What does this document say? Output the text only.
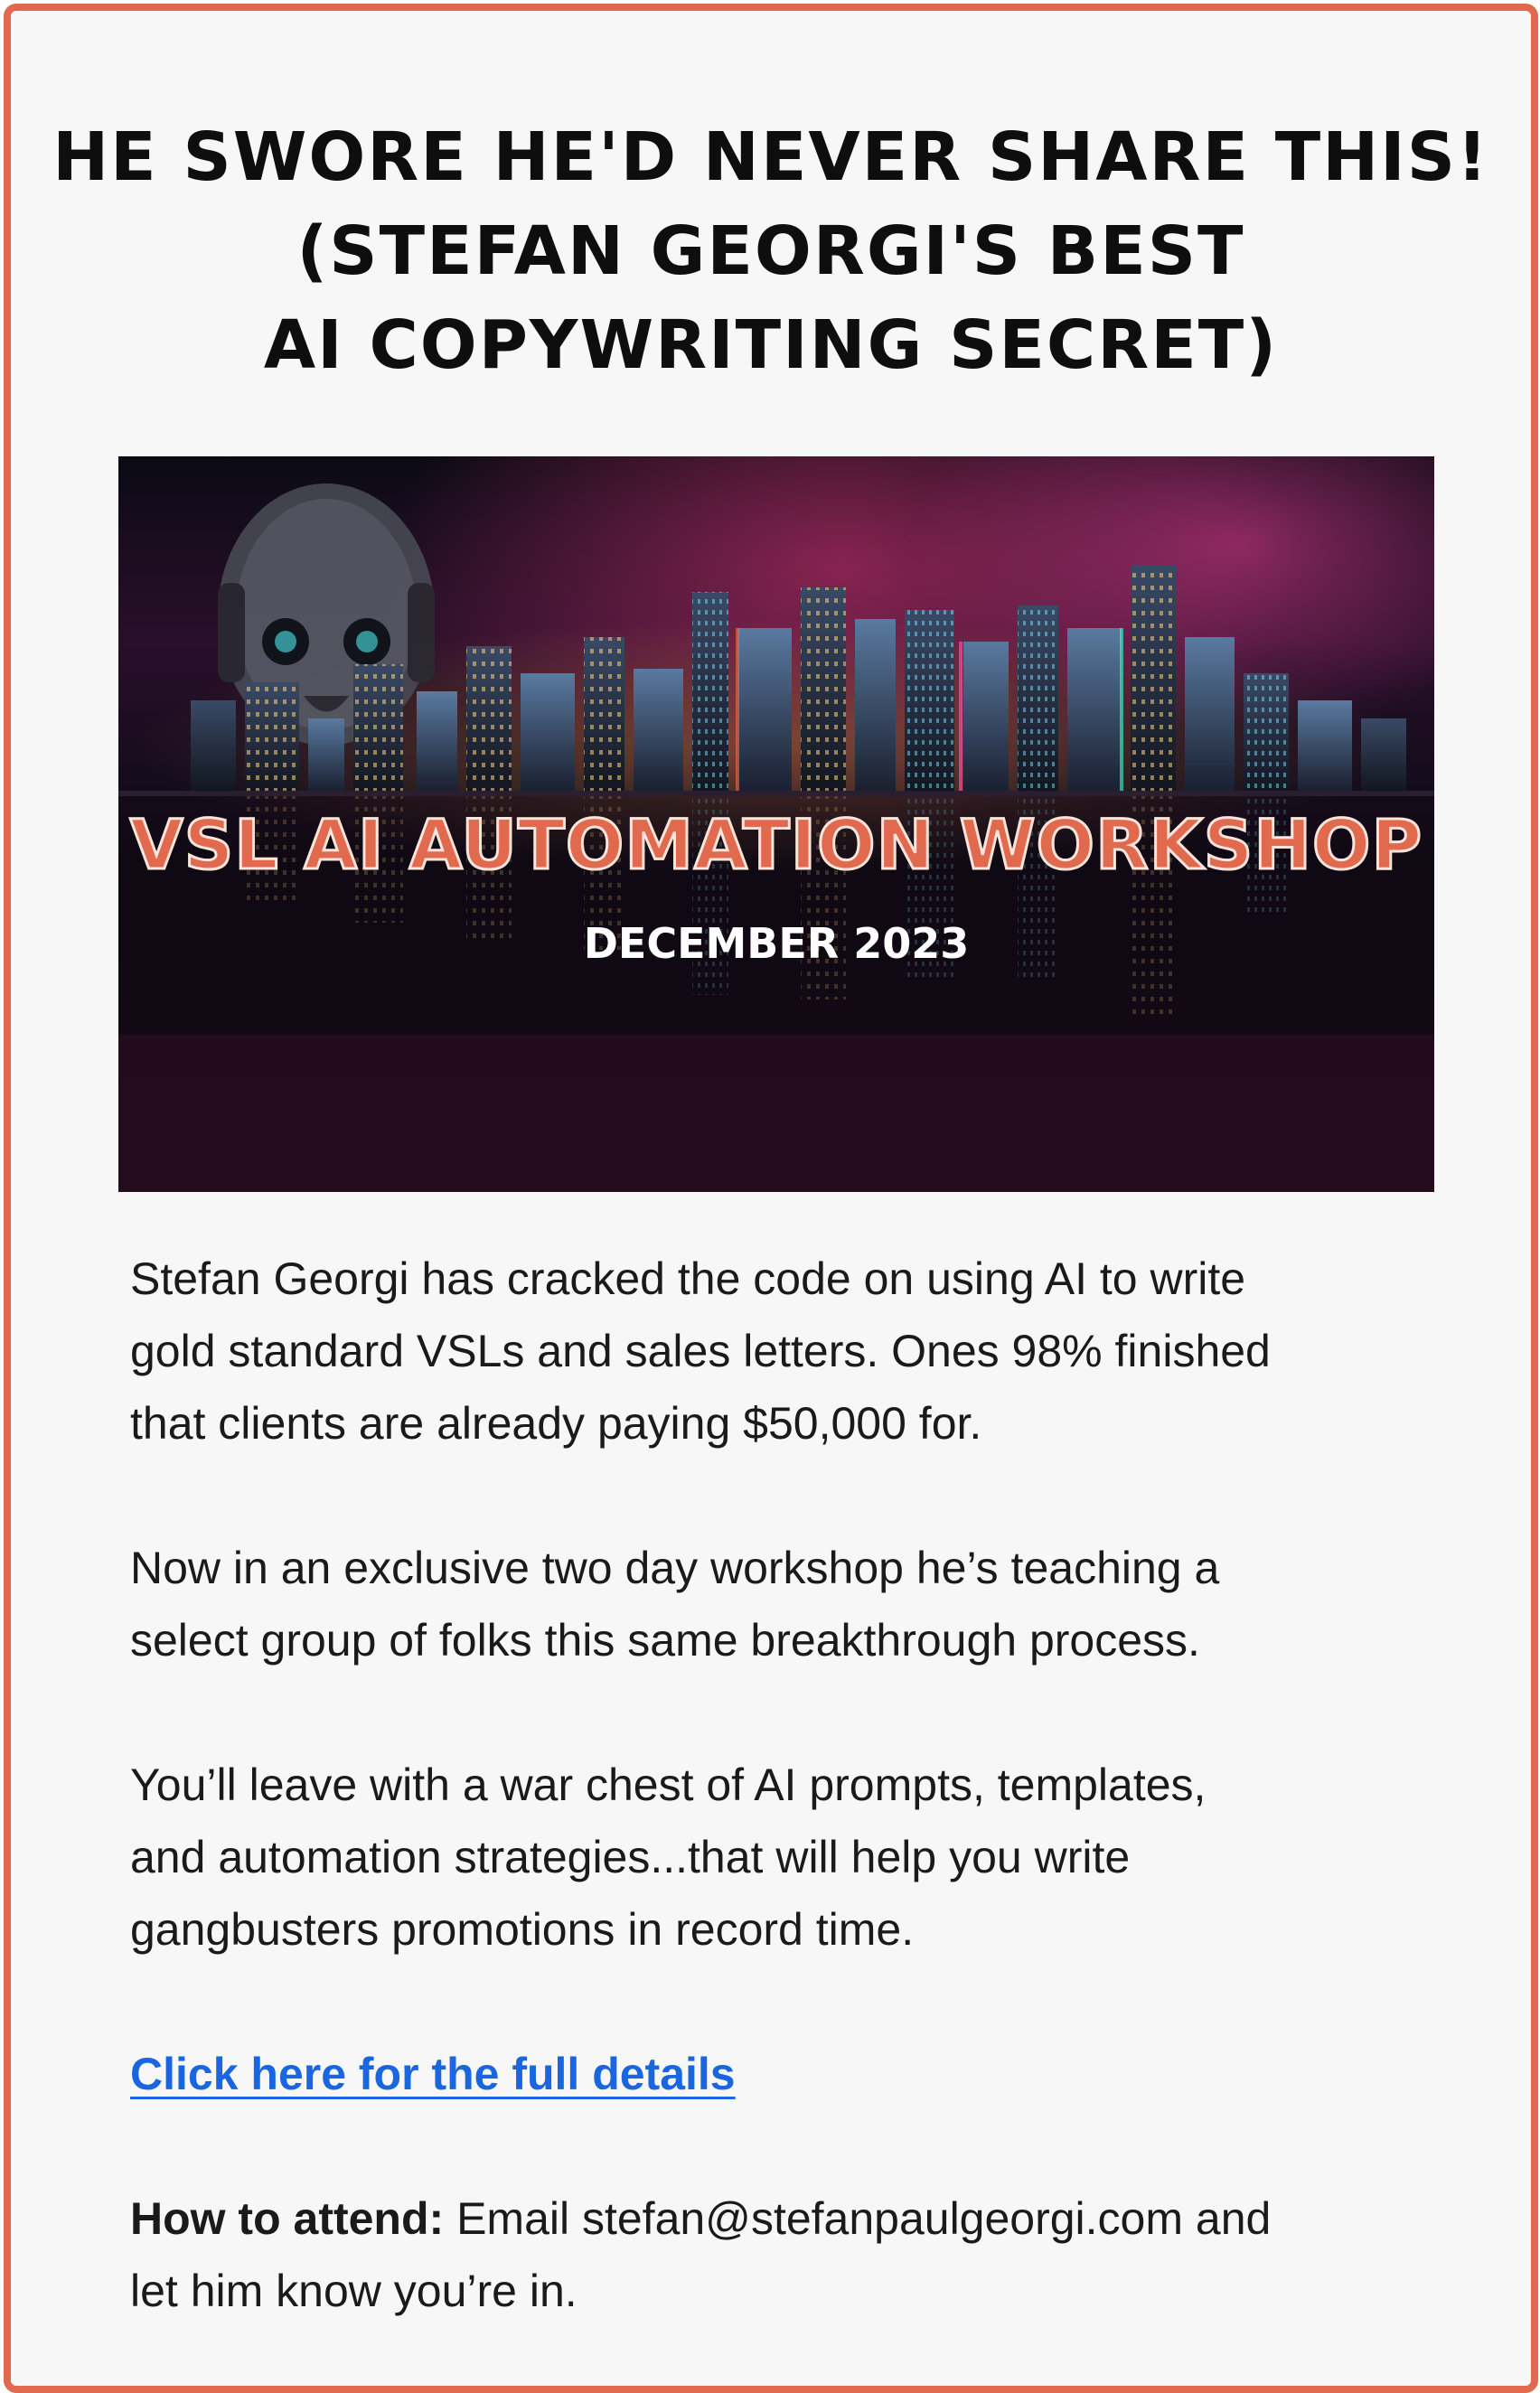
HE SWORE HE'D NEVER SHARE THIS!
(STEFAN GEORGI'S BEST
AI COPYWRITING SECRET)
VSL AI AUTOMATION WORKSHOP
DECEMBER 2023
Stefan Georgi has cracked the code on using AI to write
gold standard VSLs and sales letters. Ones 98% finished
that clients are already paying $50,000 for.
Now in an exclusive two day workshop he’s teaching a
select group of folks this same breakthrough process.
You’ll leave with a war chest of AI prompts, templates,
and automation strategies...that will help you write
gangbusters promotions in record time.
Click here for the full details
How to attend: Email stefan@stefanpaulgeorgi.com and
let him know you’re in.
